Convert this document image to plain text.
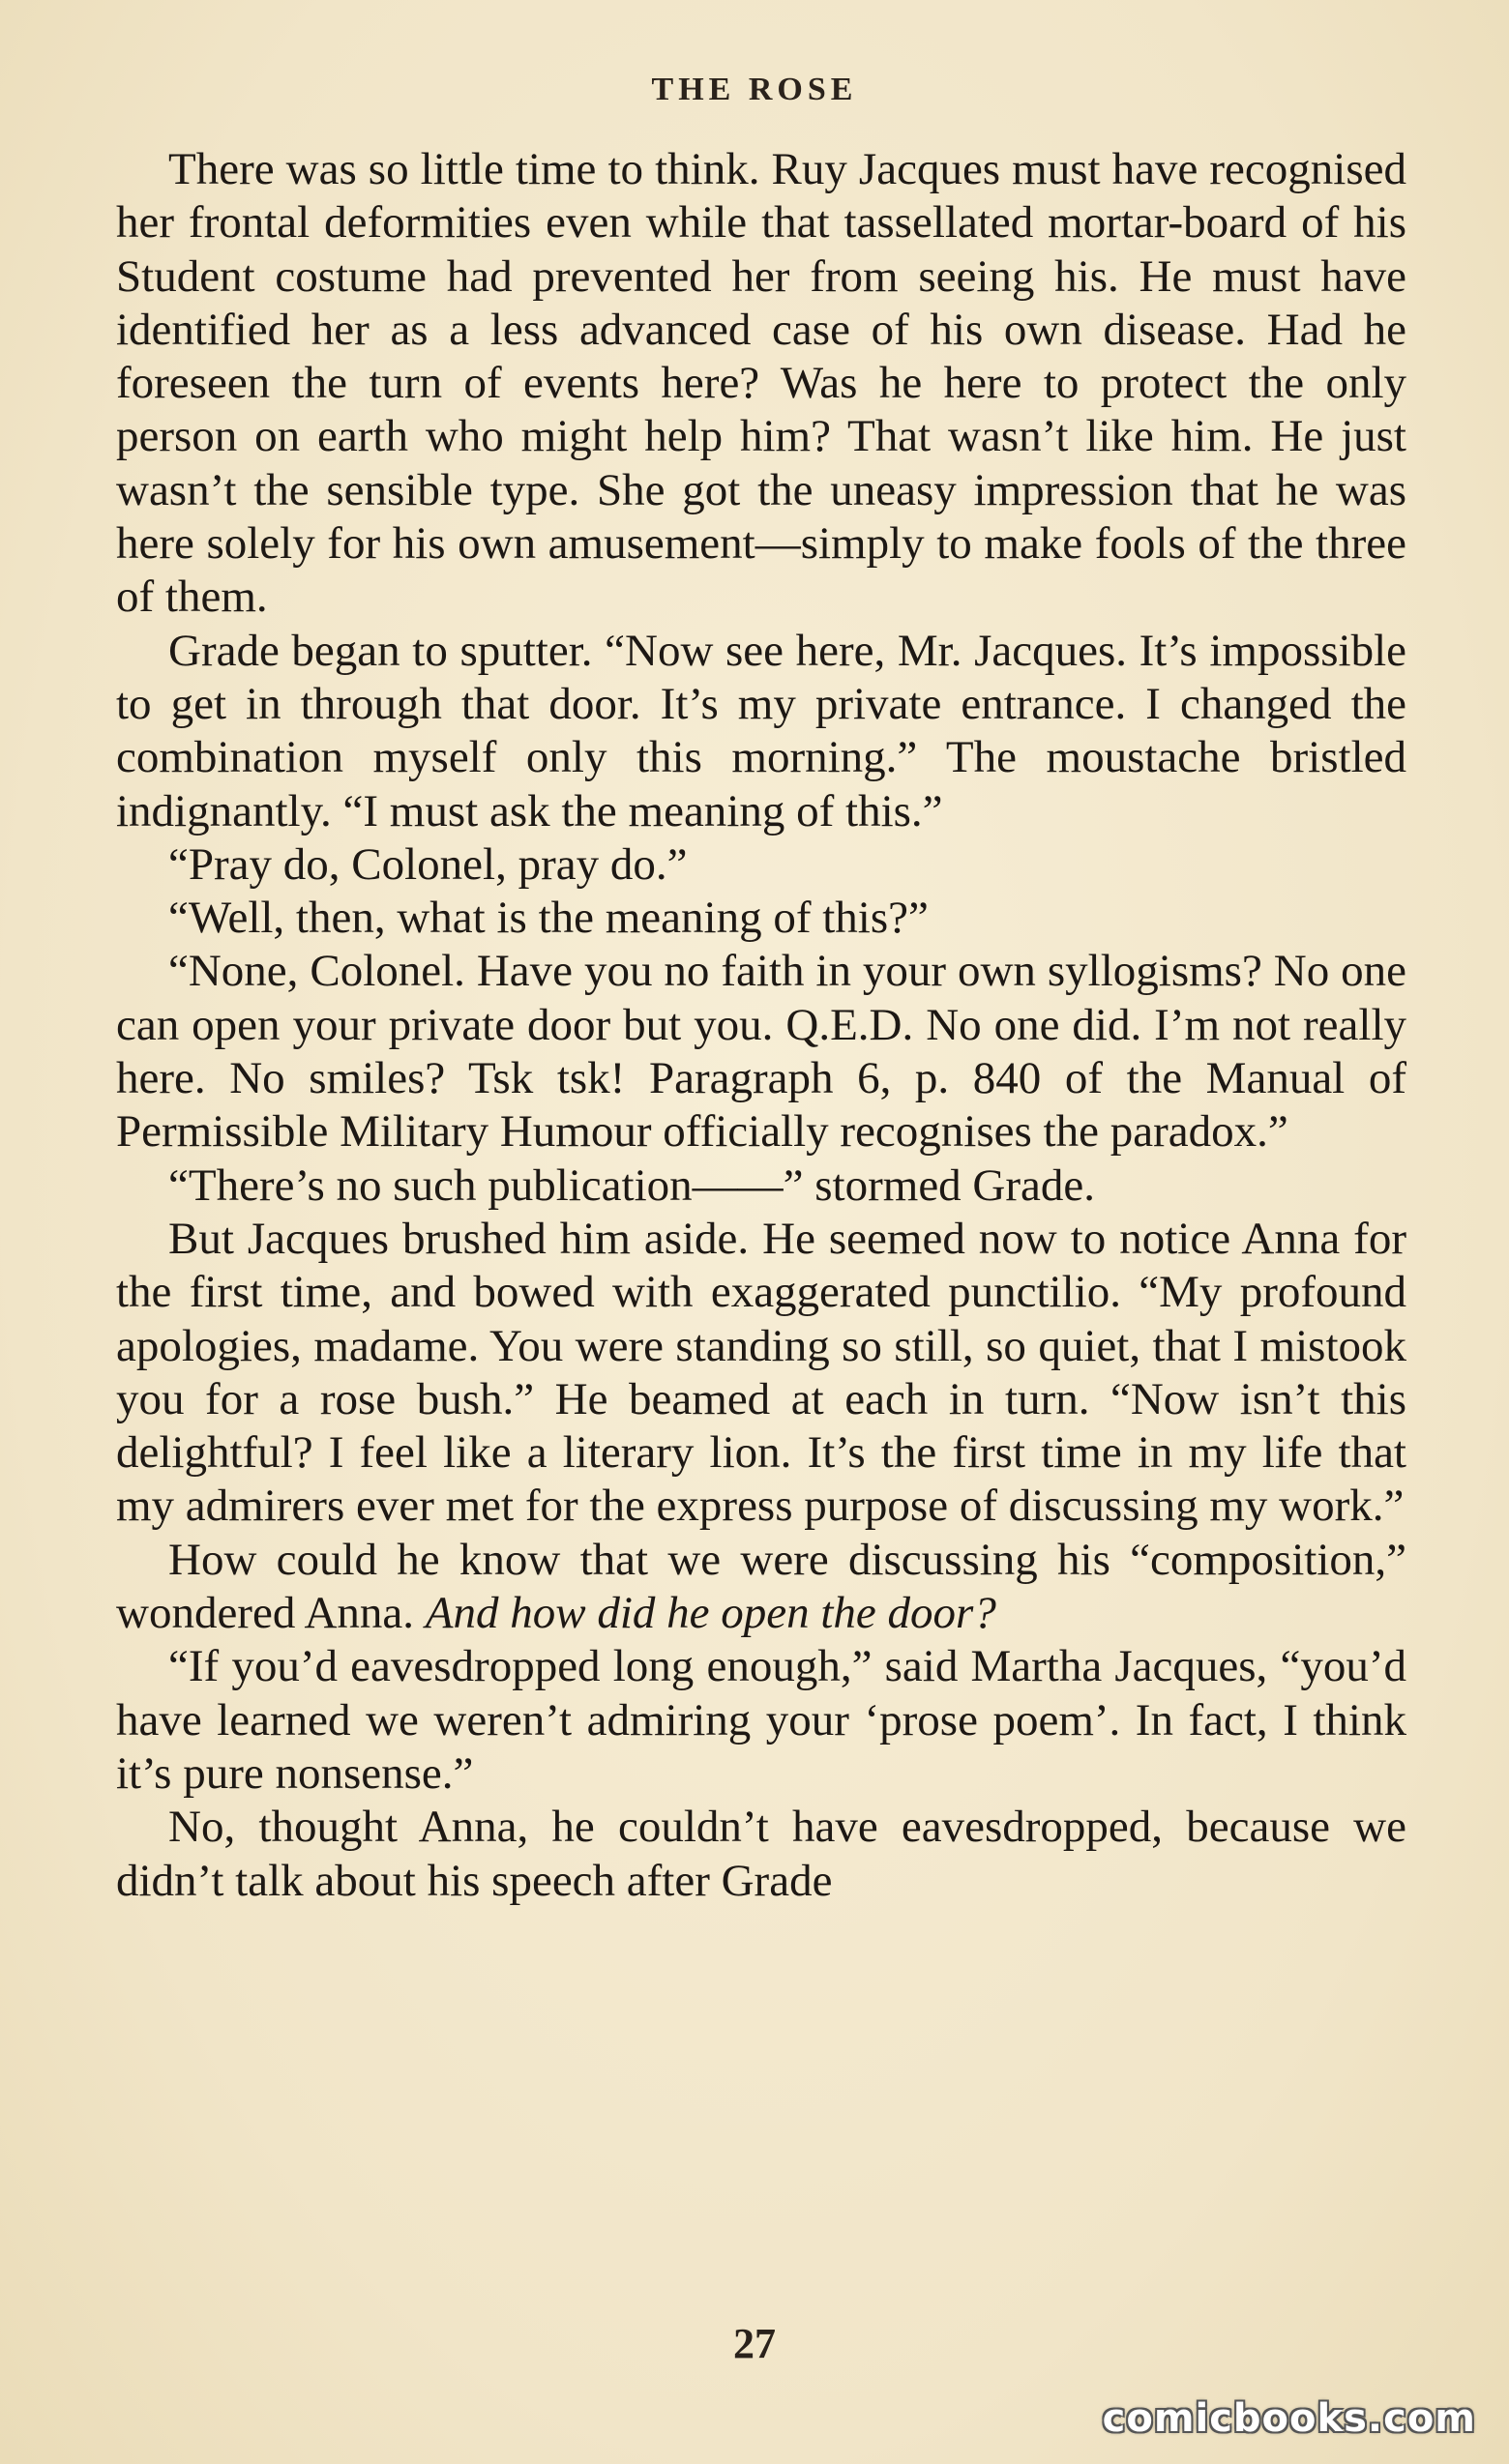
THE ROSE

There was so little time to think. Ruy Jacques must have recognised her frontal deformities even while that tassellated mortar-board of his Student costume had prevented her from seeing his. He must have identified her as a less advanced case of his own disease. Had he foreseen the turn of events here? Was he here to protect the only person on earth who might help him? That wasn’t like him. He just wasn’t the sensible type. She got the uneasy impression that he was here solely for his own amusement—simply to make fools of the three of them.

Grade began to sputter. “Now see here, Mr. Jacques. It’s impossible to get in through that door. It’s my private entrance. I changed the combination myself only this morning.” The moustache bristled indignantly. “I must ask the meaning of this.”

“Pray do, Colonel, pray do.”

“Well, then, what is the meaning of this?”

“None, Colonel. Have you no faith in your own syllogisms? No one can open your private door but you. Q.E.D. No one did. I’m not really here. No smiles? Tsk tsk! Paragraph 6, p. 840 of the Manual of Permissible Military Humour officially recognises the paradox.”

“There’s no such publication——” stormed Grade.

But Jacques brushed him aside. He seemed now to notice Anna for the first time, and bowed with exaggerated punctilio. “My profound apologies, madame. You were standing so still, so quiet, that I mistook you for a rose bush.” He beamed at each in turn. “Now isn’t this delightful? I feel like a literary lion. It’s the first time in my life that my admirers ever met for the express purpose of discussing my work.”

How could he know that we were discussing his “composition,” wondered Anna. And how did he open the door?

“If you’d eavesdropped long enough,” said Martha Jacques, “you’d have learned we weren’t admiring your ‘prose poem’. In fact, I think it’s pure nonsense.”

No, thought Anna, he couldn’t have eavesdropped, because we didn’t talk about his speech after Grade

27
comicbooks.com
